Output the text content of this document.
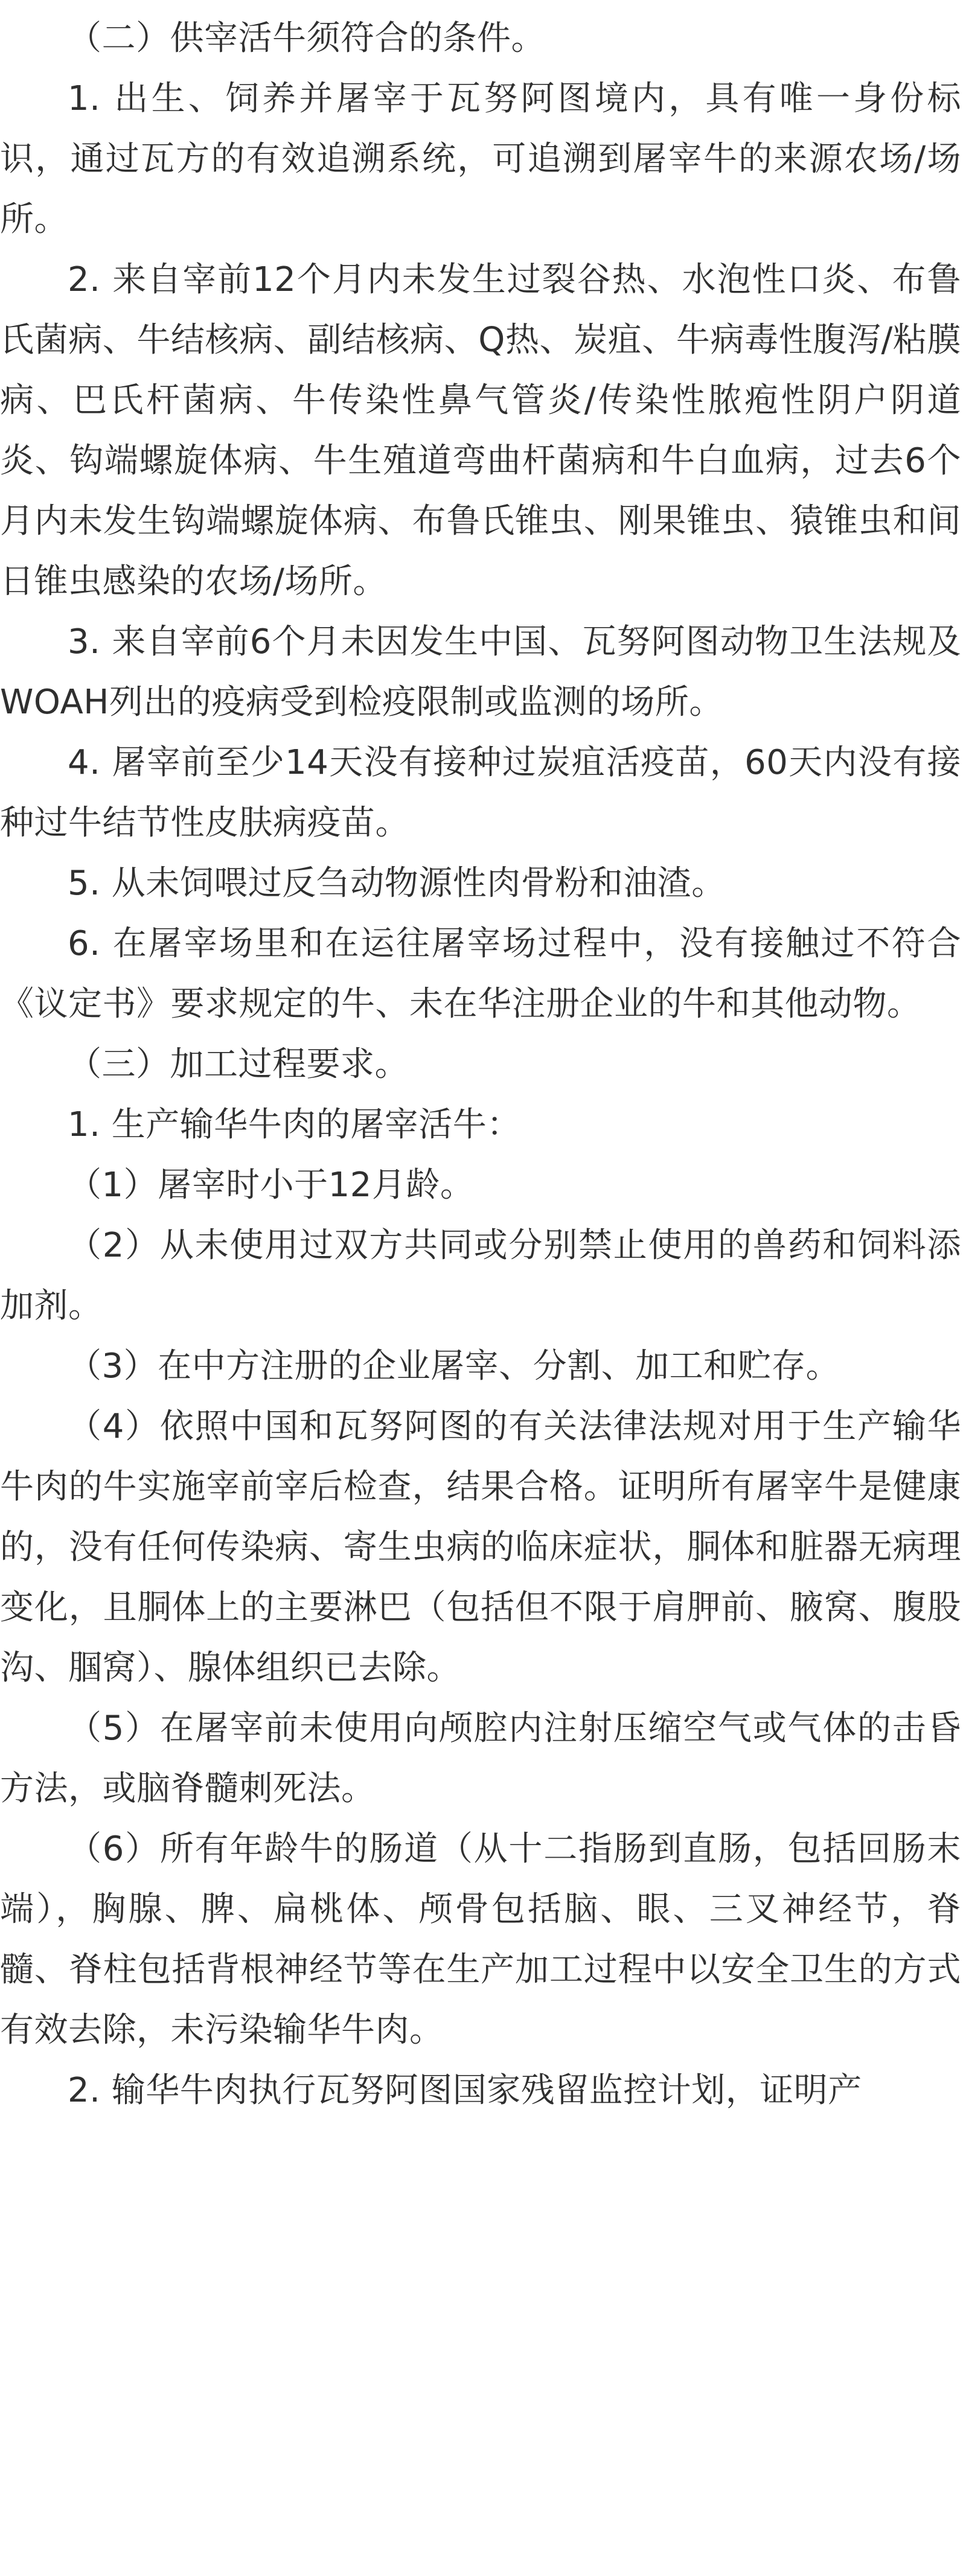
（二）供宰活牛须符合的条件。

1. 出生、饲养并屠宰于瓦努阿图境内，具有唯一身份标识，通过瓦方的有效追溯系统，可追溯到屠宰牛的来源农场/场所。

2. 来自宰前12个月内未发生过裂谷热、水泡性口炎、布鲁氏菌病、牛结核病、副结核病、Q热、炭疽、牛病毒性腹泻/粘膜病、巴氏杆菌病、牛传染性鼻气管炎/传染性脓疱性阴户阴道炎、钩端螺旋体病、牛生殖道弯曲杆菌病和牛白血病，过去6个月内未发生钩端螺旋体病、布鲁氏锥虫、刚果锥虫、猿锥虫和间日锥虫感染的农场/场所。

3. 来自宰前6个月未因发生中国、瓦努阿图动物卫生法规及WOAH列出的疫病受到检疫限制或监测的场所。

4. 屠宰前至少14天没有接种过炭疽活疫苗，60天内没有接种过牛结节性皮肤病疫苗。

5. 从未饲喂过反刍动物源性肉骨粉和油渣。

6. 在屠宰场里和在运往屠宰场过程中，没有接触过不符合《议定书》要求规定的牛、未在华注册企业的牛和其他动物。

（三）加工过程要求。

1. 生产输华牛肉的屠宰活牛：

（1）屠宰时小于12月龄。

（2）从未使用过双方共同或分别禁止使用的兽药和饲料添加剂。

（3）在中方注册的企业屠宰、分割、加工和贮存。

（4）依照中国和瓦努阿图的有关法律法规对用于生产输华牛肉的牛实施宰前宰后检查，结果合格。证明所有屠宰牛是健康的，没有任何传染病、寄生虫病的临床症状，胴体和脏器无病理变化，且胴体上的主要淋巴（包括但不限于肩胛前、腋窝、腹股沟、腘窝）、腺体组织已去除。

（5）在屠宰前未使用向颅腔内注射压缩空气或气体的击昏方法，或脑脊髓刺死法。

（6）所有年龄牛的肠道（从十二指肠到直肠，包括回肠末端），胸腺、脾、扁桃体、颅骨包括脑、眼、三叉神经节，脊髓、脊柱包括背根神经节等在生产加工过程中以安全卫生的方式有效去除，未污染输华牛肉。

2. 输华牛肉执行瓦努阿图国家残留监控计划，证明产
